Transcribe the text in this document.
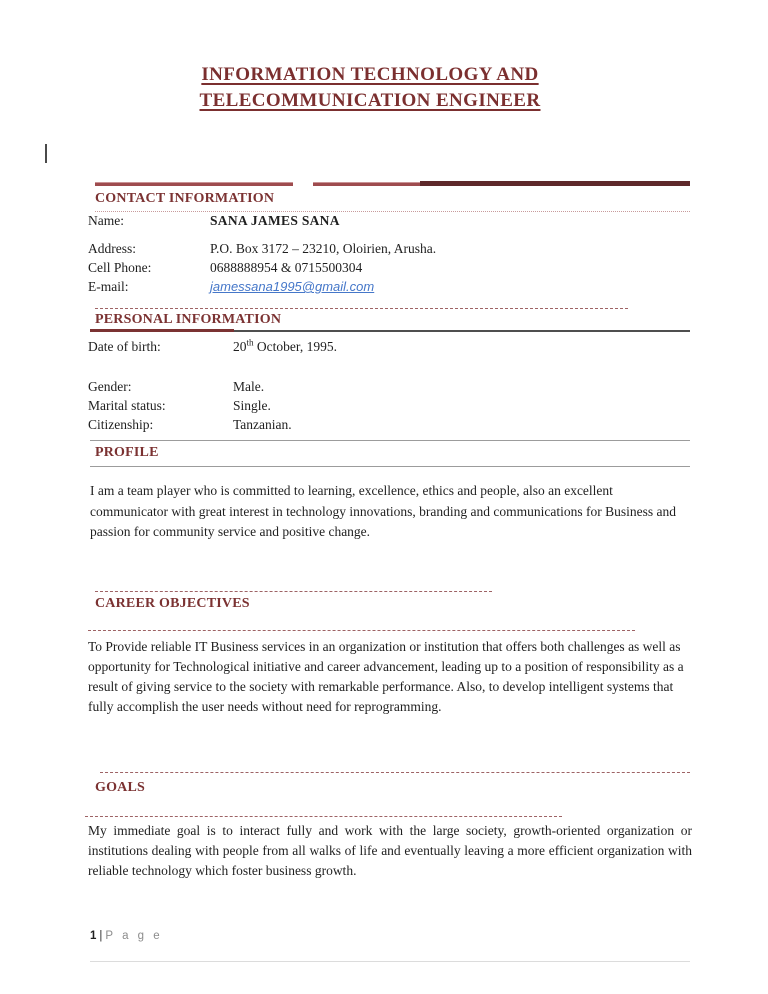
INFORMATION TECHNOLOGY AND
TELECOMMUNICATION ENGINEER
CONTACT INFORMATION
Name:	SANA JAMES SANA
Address:	P.O. Box 3172 – 23210, Oloirien, Arusha.
Cell Phone:	0688888954 & 0715500304
E-mail:	jamessana1995@gmail.com
PERSONAL INFORMATION
Date of birth:	20th October, 1995.
Gender:	Male.
Marital status:	Single.
Citizenship:	Tanzanian.
PROFILE
I am a team player who is committed to learning, excellence, ethics and people, also an excellent communicator with great interest in technology innovations, branding and communications for Business and passion for community service and positive change.
CAREER OBJECTIVES
To Provide reliable IT Business services in an organization or institution that offers both challenges as well as opportunity for Technological initiative and career advancement, leading up to a position of responsibility as a result of giving service to the society with remarkable performance. Also, to develop intelligent systems that fully accomplish the user needs without need for reprogramming.
GOALS
My immediate goal is to interact fully and work with the large society, growth-oriented organization or institutions dealing with people from all walks of life and eventually leaving a more efficient organization with reliable technology which foster business growth.
1 | P a g e
